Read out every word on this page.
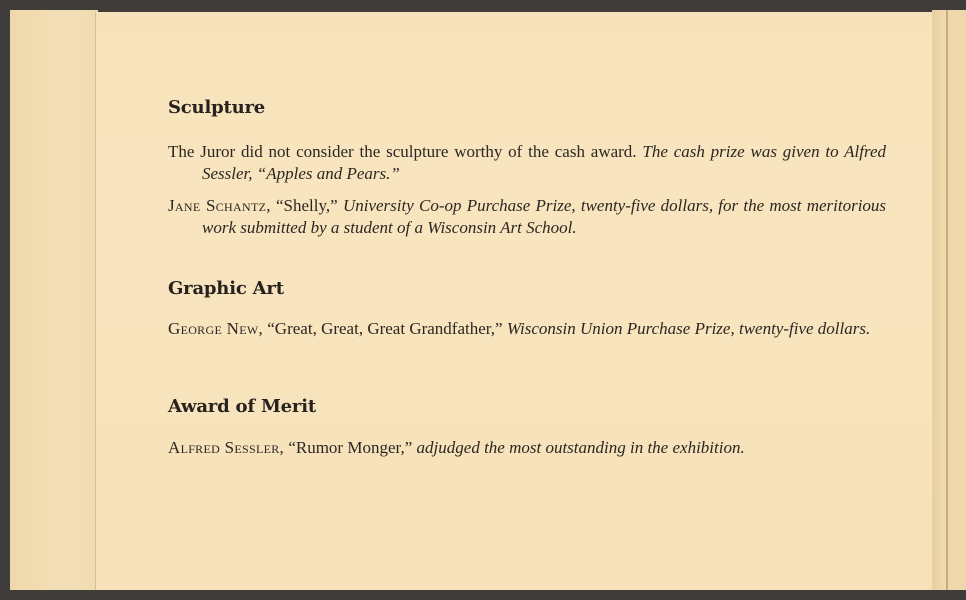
Sculpture
The Juror did not consider the sculpture worthy of the cash award. The cash prize was given to Alfred Sessler, “Apples and Pears.”
Jane Schantz, “Shelly,” University Co-op Purchase Prize, twenty-five dollars, for the most meritorious work submitted by a student of a Wisconsin Art School.
Graphic Art
George New, “Great, Great, Great Grandfather,” Wisconsin Union Purchase Prize, twenty-five dollars.
Award of Merit
Alfred Sessler, “Rumor Monger,” adjudged the most outstanding in the exhibition.
